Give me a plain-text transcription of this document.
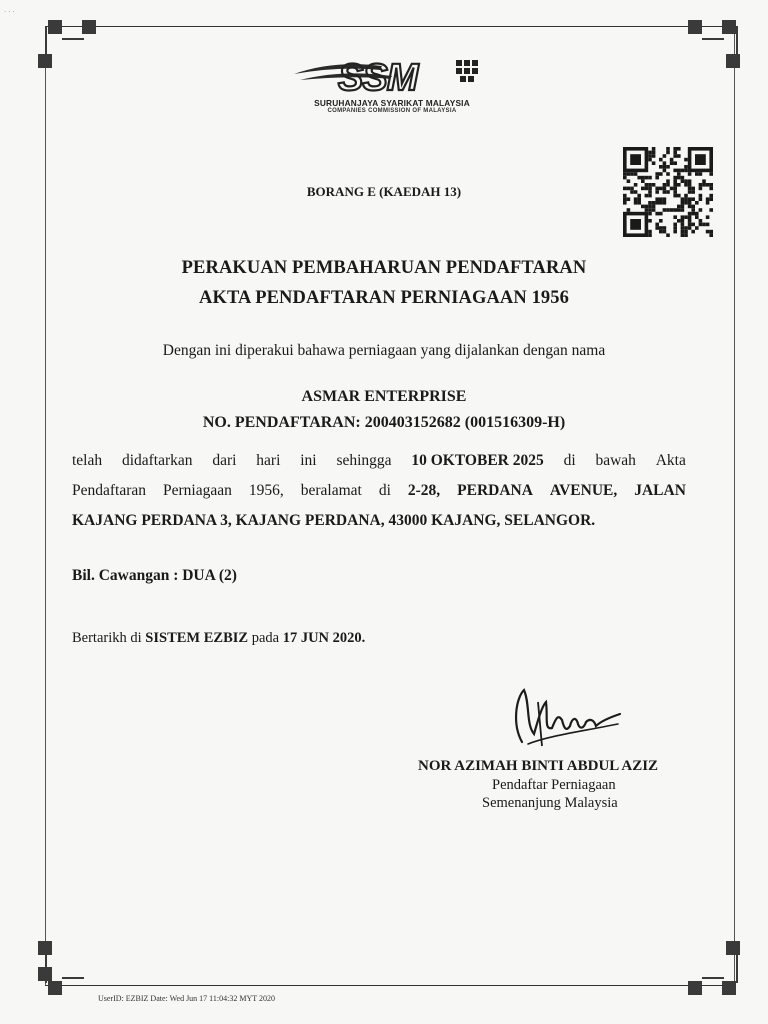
· · ·
SSM
SURUHANJAYA SYARIKAT MALAYSIA
COMPANIES COMMISSION OF MALAYSIA
BORANG E (KAEDAH 13)
PERAKUAN PEMBAHARUAN PENDAFTARAN
AKTA PENDAFTARAN PERNIAGAAN 1956
Dengan ini diperakui bahawa perniagaan yang dijalankan dengan nama
ASMAR ENTERPRISE
NO. PENDAFTARAN: 200403152682 (001516309-H)
telah didaftarkan dari hari ini sehingga 10 OKTOBER 2025 di bawah Akta
Pendaftaran Perniagaan 1956, beralamat di 2-28, PERDANA AVENUE, JALAN
KAJANG PERDANA 3, KAJANG PERDANA, 43000 KAJANG, SELANGOR.
Bil. Cawangan : DUA (2)
Bertarikh di SISTEM EZBIZ pada 17 JUN 2020.
NOR AZIMAH BINTI ABDUL AZIZ
Pendaftar Perniagaan
Semenanjung Malaysia
UserID: EZBIZ Date: Wed Jun 17 11:04:32 MYT 2020
